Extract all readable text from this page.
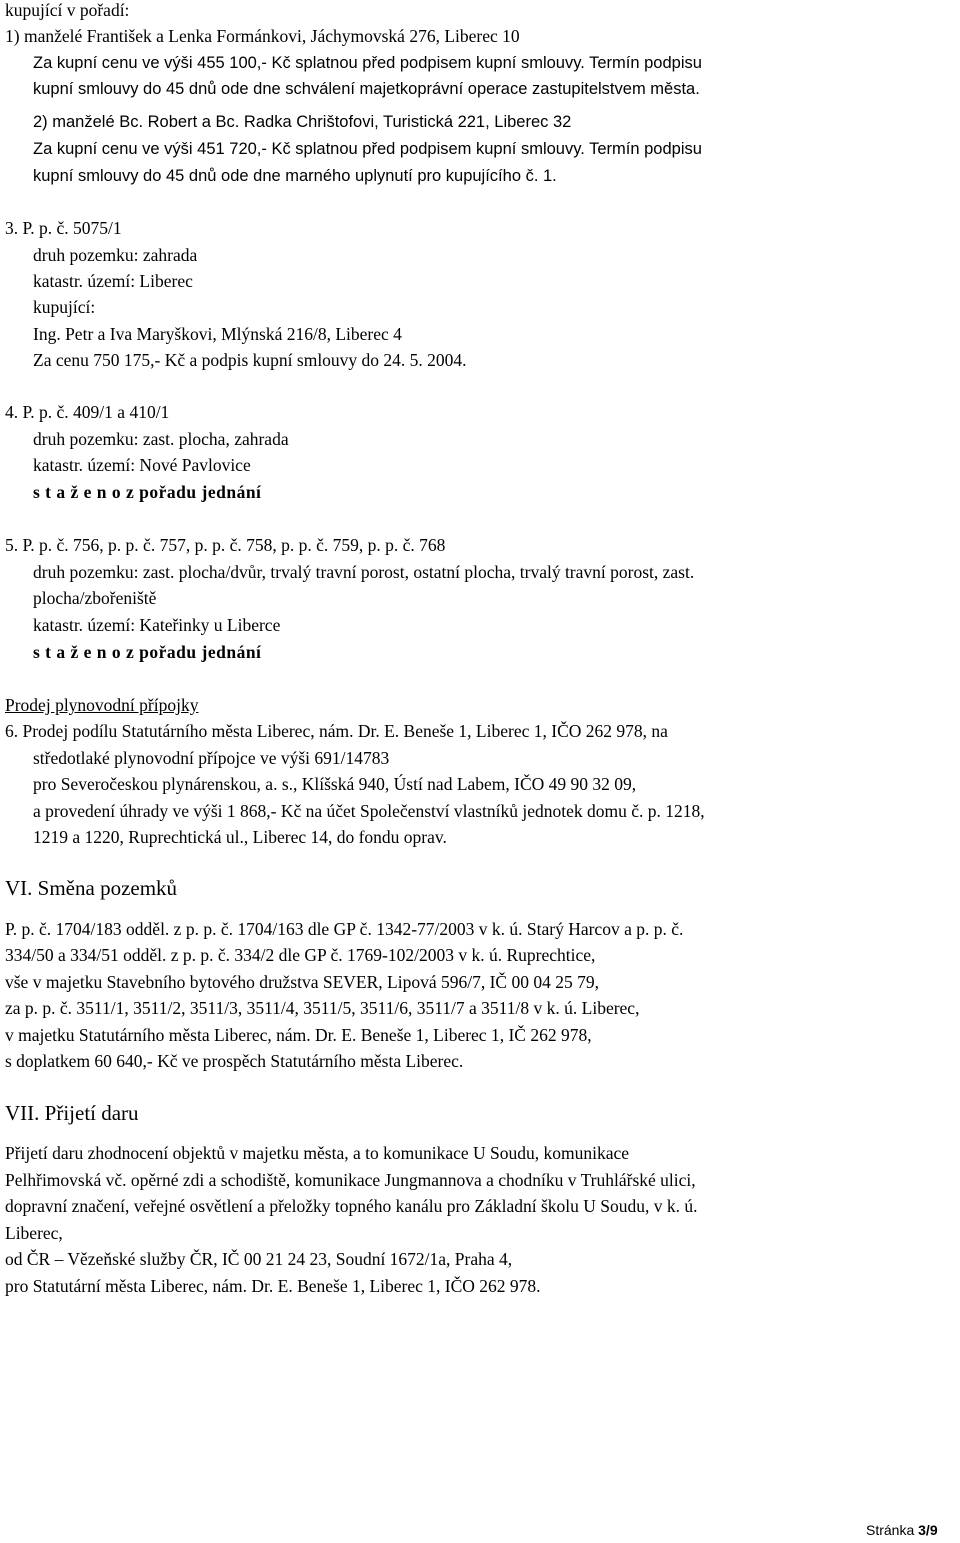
kupující v pořadí:
1) manželé František a Lenka Formánkovi, Jáchymovská 276, Liberec 10
Za kupní cenu ve výši 455 100,- Kč splatnou před podpisem kupní smlouvy. Termín podpisu
kupní smlouvy do 45 dnů ode dne schválení majetkoprávní operace zastupitelstvem města.
2) manželé Bc. Robert a Bc. Radka Chrištofovi, Turistická 221, Liberec 32
Za kupní cenu ve výši 451 720,- Kč splatnou před podpisem kupní smlouvy. Termín podpisu
kupní smlouvy do 45 dnů ode dne marného uplynutí pro kupujícího č. 1.
3. P. p. č. 5075/1
druh pozemku: zahrada
katastr. území: Liberec
kupující:
Ing. Petr a Iva Maryškovi, Mlýnská 216/8, Liberec 4
Za cenu 750 175,- Kč a podpis kupní smlouvy do 24. 5. 2004.
4. P. p. č. 409/1 a 410/1
druh pozemku: zast. plocha, zahrada
katastr. území: Nové Pavlovice
s t a ž e n o z pořadu jednání
5. P. p. č. 756, p. p. č. 757, p. p. č. 758, p. p. č. 759, p. p. č. 768
druh pozemku: zast. plocha/dvůr, trvalý travní porost, ostatní plocha, trvalý travní porost, zast.
plocha/zbořeniště
katastr. území: Kateřinky u Liberce
s t a ž e n o z pořadu jednání
Prodej plynovodní přípojky
6. Prodej podílu Statutárního města Liberec, nám. Dr. E. Beneše 1, Liberec 1, IČO 262 978, na
středotlaké plynovodní přípojce ve výši 691/14783
pro Severočeskou plynárenskou, a. s., Klíšská 940, Ústí nad Labem, IČO 49 90 32 09,
a provedení úhrady ve výši 1 868,- Kč na účet Společenství vlastníků jednotek domu č. p. 1218,
1219 a 1220, Ruprechtická ul., Liberec 14, do fondu oprav.
VI. Směna pozemků
P. p. č. 1704/183 odděl. z p. p. č. 1704/163 dle GP č. 1342-77/2003 v k. ú. Starý Harcov a p. p. č.
334/50 a 334/51 odděl. z p. p. č. 334/2 dle GP č. 1769-102/2003 v k. ú. Ruprechtice,
vše v majetku Stavebního bytového družstva SEVER, Lipová 596/7, IČ 00 04 25 79,
za p. p. č. 3511/1, 3511/2, 3511/3, 3511/4, 3511/5, 3511/6, 3511/7 a 3511/8 v k. ú. Liberec,
v majetku Statutárního města Liberec, nám. Dr. E. Beneše 1, Liberec 1, IČ 262 978,
s doplatkem 60 640,- Kč ve prospěch Statutárního města Liberec.
VII. Přijetí daru
Přijetí daru zhodnocení objektů v majetku města, a to komunikace U Soudu, komunikace
Pelhřimovská vč. opěrné zdi a schodiště, komunikace Jungmannova a chodníku v Truhlářské ulici,
dopravní značení, veřejné osvětlení a přeložky topného kanálu pro Základní školu U Soudu, v k. ú.
Liberec,
od ČR – Vězeňské služby ČR, IČ 00 21 24 23, Soudní 1672/1a, Praha 4,
pro Statutární města Liberec, nám. Dr. E. Beneše 1, Liberec 1, IČO 262 978.
Stránka 3/9
